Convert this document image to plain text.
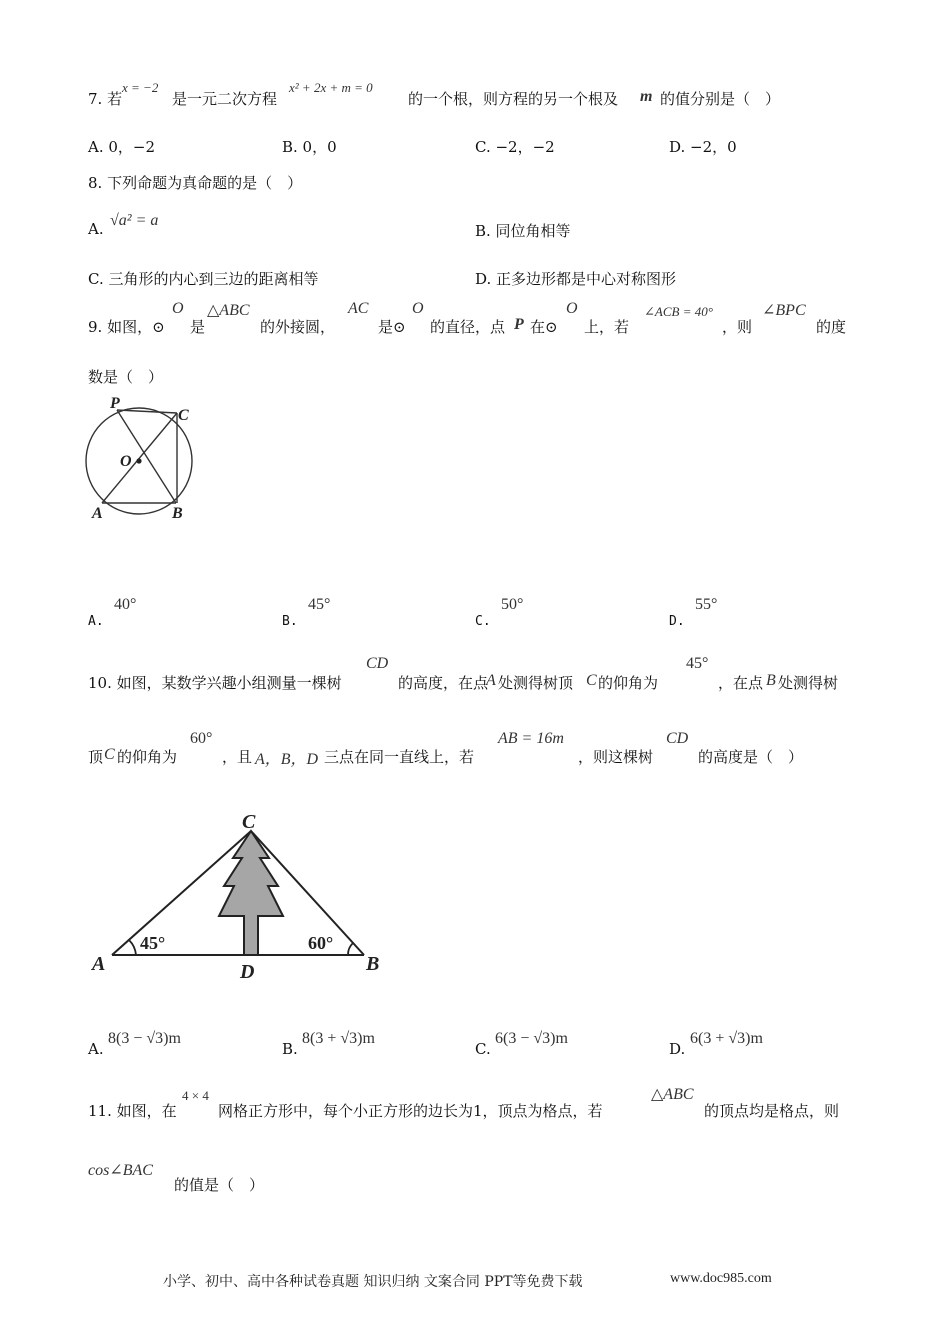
7. 若
x = −2
是一元二次方程
x² + 2x + m = 0
的一个根，则方程的另一个根及 m 的值分别是（　）
A. 0，−2	B. 0，0	C. −2，−2	D. −2，0
8. 下列命题为真命题的是（　）
A. √a² = a
B. 同位角相等
C. 三角形的内心到三边的距离相等	D. 正多边形都是中心对称图形
9. 如图，⊙
O
是
△ABC
的外接圆，
AC
是⊙
O
的直径，点 P 在⊙
O
上，若
∠ACB = 40°
，则
∠BPC
的度
数是（　）
P
C
O
A	B
A.
40°
B.
45°
C.
50°
D.
55°
10. 如图，某数学兴趣小组测量一棵树
CD
的高度，在点
A 处测得树顶 C 的仰角为
45°
，在点 B 处测得树
顶 C 的仰角为
60°
，且 A，B，D 三点在同一直线上，若
AB = 16m
，则这棵树
CD
的高度是（　）
C
A	D	B
45°	60°
A.
8(3 − √3)m
B.
8(3 + √3)m
C.
6(3 − √3)m
D.
6(3 + √3)m
11. 如图，在
4 × 4
网格正方形中，每个小正方形的边长为1，顶点为格点，若
△ABC
的顶点均是格点，则
cos∠BAC
的值是（　）
小学、初中、高中各种试卷真题 知识归纳 文案合同 PPT等免费下载	www.doc985.com
